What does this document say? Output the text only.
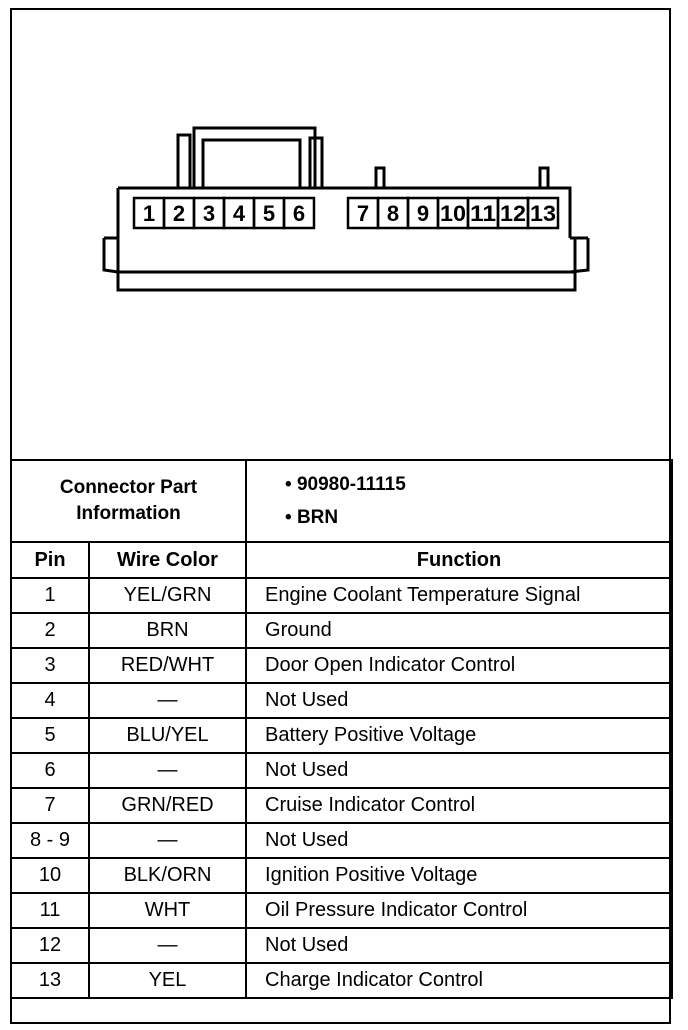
1 2 3 4 5 6 7 8 9 10 11 12 13
Connector Part Information		• 90980-11115
• BRN

Pin	Wire Color	Function
1	YEL/GRN	Engine Coolant Temperature Signal
2	BRN	Ground
3	RED/WHT	Door Open Indicator Control
4	—	Not Used
5	BLU/YEL	Battery Positive Voltage
6	—	Not Used
7	GRN/RED	Cruise Indicator Control
8 - 9	—	Not Used
10	BLK/ORN	Ignition Positive Voltage
11	WHT	Oil Pressure Indicator Control
12	—	Not Used
13	YEL	Charge Indicator Control
